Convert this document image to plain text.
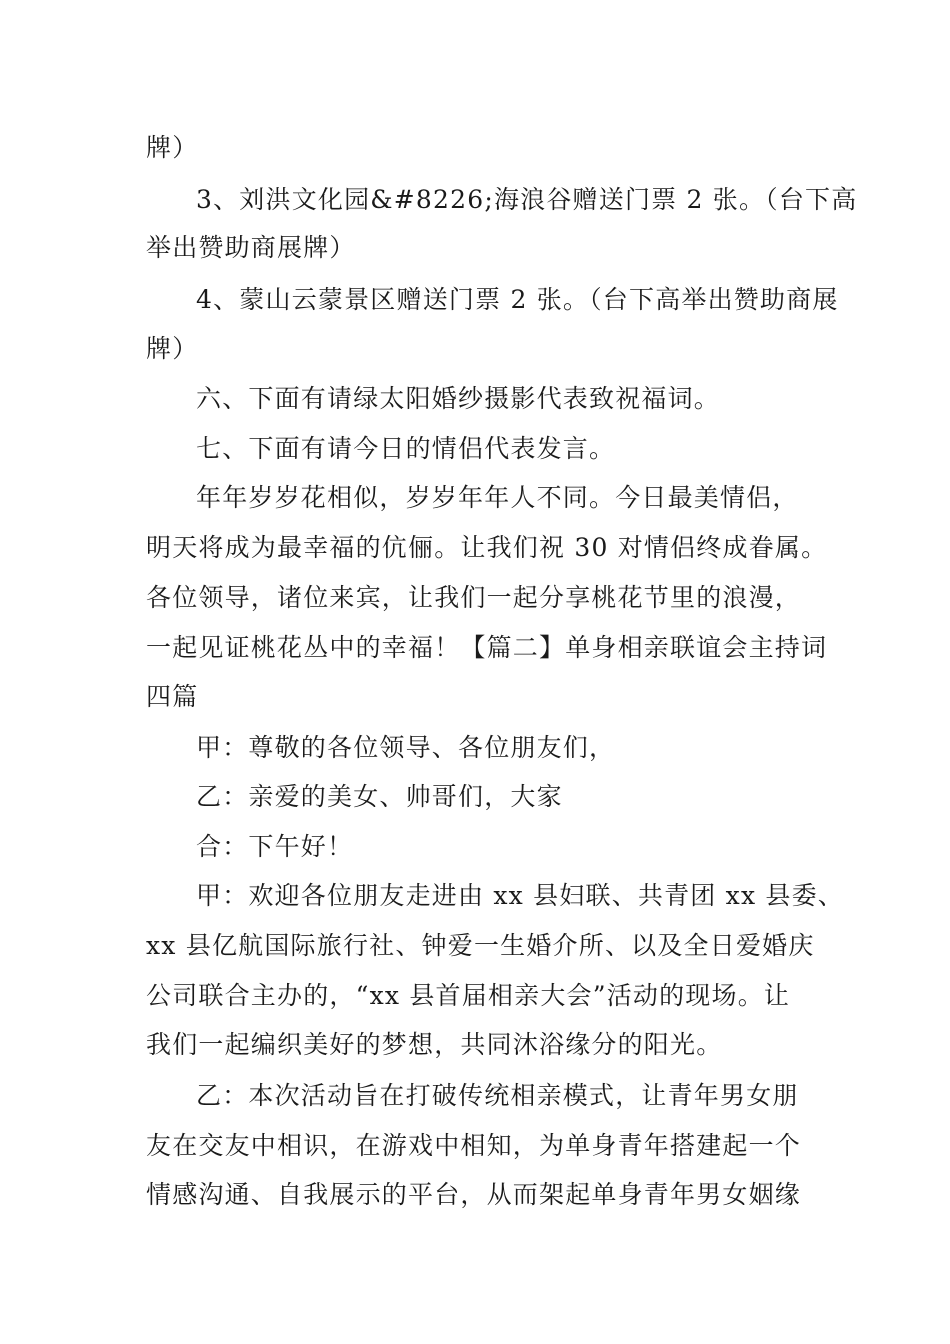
牌）
3、刘洪文化园&#8226;海浪谷赠送门票 2 张。（台下高
举出赞助商展牌）
4、蒙山云蒙景区赠送门票 2 张。（台下高举出赞助商展
牌）
六、下面有请绿太阳婚纱摄影代表致祝福词。
七、下面有请今日的情侣代表发言。
年年岁岁花相似，岁岁年年人不同。今日最美情侣，
明天将成为最幸福的伉俪。让我们祝 30 对情侣终成眷属。
各位领导，诸位来宾，让我们一起分享桃花节里的浪漫，
一起见证桃花丛中的幸福！【篇二】单身相亲联谊会主持词
四篇
甲：尊敬的各位领导、各位朋友们，
乙：亲爱的美女、帅哥们，大家
合：下午好！
甲：欢迎各位朋友走进由 xx 县妇联、共青团 xx 县委、
xx 县亿航国际旅行社、钟爱一生婚介所、以及全日爱婚庆
公司联合主办的，“xx 县首届相亲大会”活动的现场。让
我们一起编织美好的梦想，共同沐浴缘分的阳光。
乙：本次活动旨在打破传统相亲模式，让青年男女朋
友在交友中相识，在游戏中相知，为单身青年搭建起一个
情感沟通、自我展示的平台，从而架起单身青年男女姻缘
